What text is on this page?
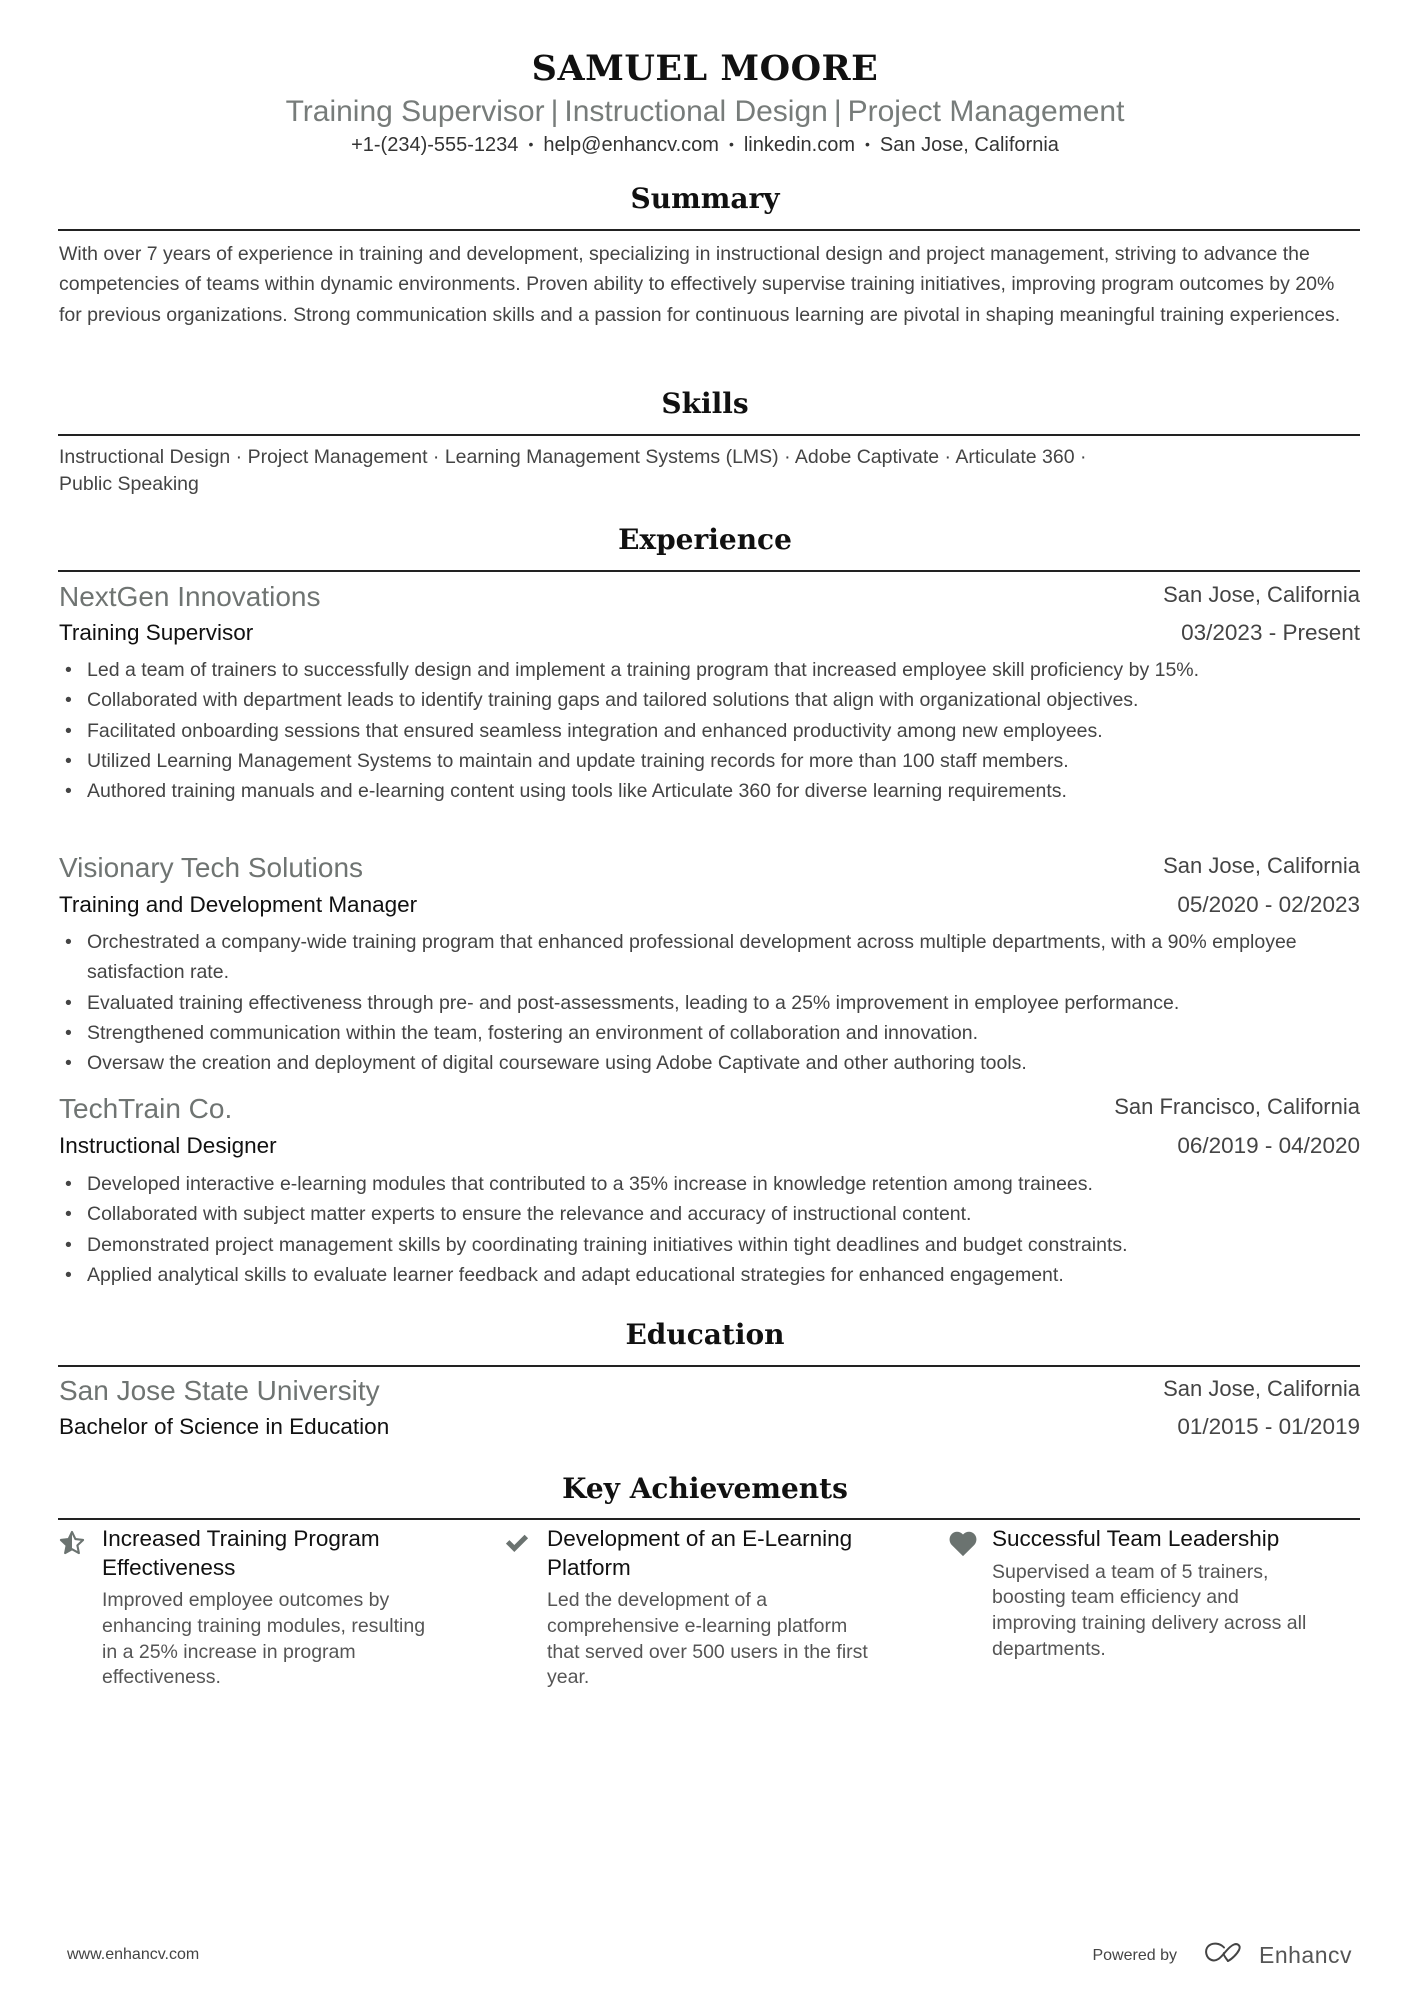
SAMUEL MOORE
Training Supervisor | Instructional Design | Project Management
+1-(234)-555-1234 • help@enhancv.com • linkedin.com • San Jose, California
Summary
With over 7 years of experience in training and development, specializing in instructional design and project management, striving to advance the competencies of teams within dynamic environments. Proven ability to effectively supervise training initiatives, improving program outcomes by 20% for previous organizations. Strong communication skills and a passion for continuous learning are pivotal in shaping meaningful training experiences.
Skills
Instructional Design · Project Management · Learning Management Systems (LMS) · Adobe Captivate · Articulate 360 ·
Public Speaking
Experience
NextGen Innovations	San Jose, California
Training Supervisor	03/2023 - Present
• Led a team of trainers to successfully design and implement a training program that increased employee skill proficiency by 15%.
• Collaborated with department leads to identify training gaps and tailored solutions that align with organizational objectives.
• Facilitated onboarding sessions that ensured seamless integration and enhanced productivity among new employees.
• Utilized Learning Management Systems to maintain and update training records for more than 100 staff members.
• Authored training manuals and e-learning content using tools like Articulate 360 for diverse learning requirements.
Visionary Tech Solutions	San Jose, California
Training and Development Manager	05/2020 - 02/2023
• Orchestrated a company-wide training program that enhanced professional development across multiple departments, with a 90% employee satisfaction rate.
• Evaluated training effectiveness through pre- and post-assessments, leading to a 25% improvement in employee performance.
• Strengthened communication within the team, fostering an environment of collaboration and innovation.
• Oversaw the creation and deployment of digital courseware using Adobe Captivate and other authoring tools.
TechTrain Co.	San Francisco, California
Instructional Designer	06/2019 - 04/2020
• Developed interactive e-learning modules that contributed to a 35% increase in knowledge retention among trainees.
• Collaborated with subject matter experts to ensure the relevance and accuracy of instructional content.
• Demonstrated project management skills by coordinating training initiatives within tight deadlines and budget constraints.
• Applied analytical skills to evaluate learner feedback and adapt educational strategies for enhanced engagement.
Education
San Jose State University	San Jose, California
Bachelor of Science in Education	01/2015 - 01/2019
Key Achievements
Increased Training Program Effectiveness
Improved employee outcomes by enhancing training modules, resulting in a 25% increase in program effectiveness.
Development of an E-Learning Platform
Led the development of a comprehensive e-learning platform that served over 500 users in the first year.
Successful Team Leadership
Supervised a team of 5 trainers, boosting team efficiency and improving training delivery across all departments.
www.enhancv.com	Powered by	Enhancv
